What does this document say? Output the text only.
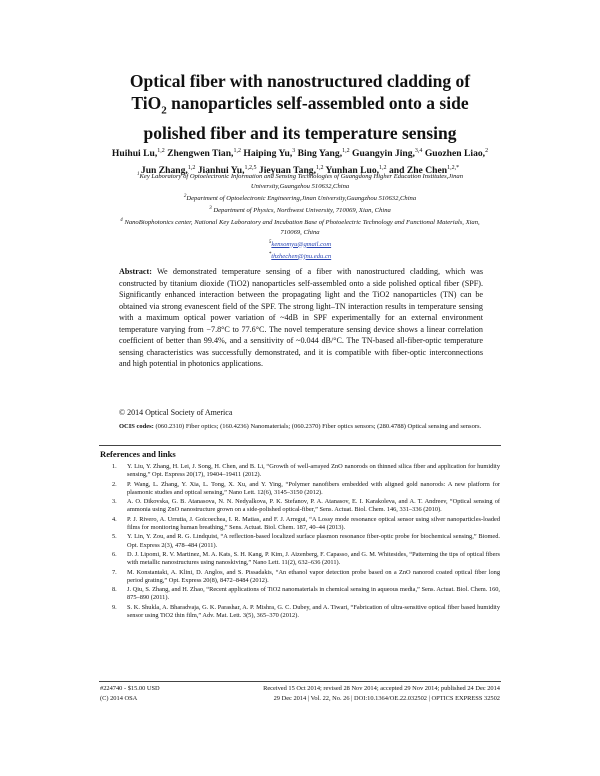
Optical fiber with nanostructured cladding of
TiO$_2$ nanoparticles self-assembled onto a side
polished fiber and its temperature sensing
Huihui Lu,$^{1,2}$ Zhengwen Tian,$^{1,2}$ Haiping Yu,$^3$ Bing Yang,$^{1,2}$ Guangyin Jing,$^{3,4}$ Guozhen Liao,$^2$ Jun Zhang,$^{1,2}$ Jianhui Yu,$^{1,2,5}$ Jieyuan Tang,$^{1,2}$ Yunhan Luo,$^{1,2}$ and Zhe Chen$^{1,2,*}$
$^1$Key Laboratory of Optoelectronic Information and Sensing Technologies of Guangdong Higher Education Institutes,Jinan University,Guangzhou 510632,China
$^2$Department of Optoelectronic Engineering,Jinan University,Guangzhou 510632,China
$^3$ Department of Physics, Northwest University, 710069, Xian, China
$^4$ NanoBiophotonics center, National Key Laboratory and Incubation Base of Photoelectric Technology and Functional Materials, Xian, 710069, China
$^5$kensomyu@gmail.com
*thzhechen@jnu.edu.cn
Abstract: We demonstrated temperature sensing of a fiber with nanostructured cladding, which was constructed by titanium dioxide (TiO2) nanoparticles self-assembled onto a side polished optical fiber (SPF). Significantly enhanced interaction between the propagating light and the TiO2 nanoparticles (TN) can be obtained via strong evanescent field of the SPF. The strong light–TN interaction results in temperature sensing with a maximum optical power variation of ~4dB in SPF experimentally for an external environment temperature varying from −7.8°C to 77.6°C. The novel temperature sensing device shows a linear correlation coefficient of better than 99.4%, and a sensitivity of ~0.044 dB/°C. The TN-based all-fiber-optic temperature sensing characteristics was successfully demonstrated, and it is compatible with fiber-optic interconnections and high potential in photonics applications.
© 2014 Optical Society of America
OCIS codes: (060.2310) Fiber optics; (160.4236) Nanomaterials; (060.2370) Fiber optics sensors; (280.4788) Optical sensing and sensors.
References and links
1. Y. Liu, Y. Zhang, H. Lei, J. Song, H. Chen, and B. Li, “Growth of well-arrayed ZnO nanorods on thinned silica fiber and application for humidity sensing,” Opt. Express 20(17), 19404–19411 (2012).
2. P. Wang, L. Zhang, Y. Xia, L. Tong, X. Xu, and Y. Ying, “Polymer nanofibers embedded with aligned gold nanorods: A new platform for plasmonic studies and optical sensing,” Nano Lett. 12(6), 3145–3150 (2012).
3. A. O. Dikovska, G. B. Atanasova, N. N. Nedyalkova, P. K. Stefanov, P. A. Atanasov, E. I. Karakoleva, and A. T. Andreev, “Optical sensing of ammonia using ZnO nanostructure grown on a side-polished optical-fiber,” Sens. Actuat. Biol. Chem. 146, 331–336 (2010).
4. P. J. Rivero, A. Urrutia, J. Goicoechea, I. R. Matias, and F. J. Arregui, “A Lossy mode resonance optical sensor using silver nanoparticles-loaded films for monitoring human breathing,” Sens. Actuat. Biol. Chem. 187, 40–44 (2013).
5. Y. Lin, Y. Zou, and R. G. Lindquist, “A reflection-based localized surface plasmon resonance fiber-optic probe for biochemical sensing,” Biomed. Opt. Express 2(3), 478–484 (2011).
6. D. J. Lipomi, R. V. Martinez, M. A. Kats, S. H. Kang, P. Kim, J. Aizenberg, F. Capasso, and G. M. Whitesides, “Patterning the tips of optical fibers with metallic nanostructures using nanoskiving,” Nano Lett. 11(2), 632–636 (2011).
7. M. Konstantaki, A. Klini, D. Anglos, and S. Pissadakis, “An ethanol vapor detection probe based on a ZnO nanorod coated optical fiber long period grating,” Opt. Express 20(8), 8472–8484 (2012).
8. J. Qiu, S. Zhang, and H. Zhao, “Recent applications of TiO2 nanomaterials in chemical sensing in aqueous media,” Sens. Actuat. Biol. Chem. 160, 875–890 (2011).
9. S. K. Shukla, A. Bharadvaja, G. K. Parashar, A. P. Mishra, G. C. Dubey, and A. Tiwari, “Fabrication of ultra-sensitive optical fiber based humidity sensor using TiO2 thin film,” Adv. Mat. Lett. 3(5), 365–370 (2012).
#224740 - $15.00 USD	Received 15 Oct 2014; revised 28 Nov 2014; accepted 29 Nov 2014; published 24 Dec 2014
(C) 2014 OSA	29 Dec 2014 | Vol. 22, No. 26 | DOI:10.1364/OE.22.032502 | OPTICS EXPRESS 32502
